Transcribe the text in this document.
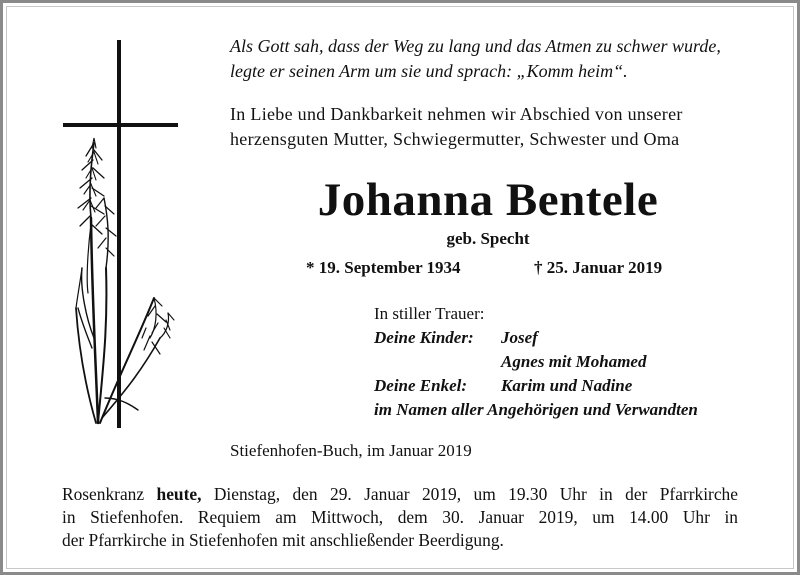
Als Gott sah, dass der Weg zu lang und das Atmen zu schwer wurde,
legte er seinen Arm um sie und sprach: „Komm heim“.
In Liebe und Dankbarkeit nehmen wir Abschied von unserer
herzensguten Mutter, Schwiegermutter, Schwester und Oma
Johanna Bentele
geb. Specht
* 19. September 1934	† 25. Januar 2019
In stiller Trauer:
Deine Kinder: Josef
Agnes mit Mohamed
Deine Enkel: Karim und Nadine
im Namen aller Angehörigen und Verwandten
Stiefenhofen-Buch, im Januar 2019
Rosenkranz heute, Dienstag, den 29. Januar 2019, um 19.30 Uhr in der Pfarrkirche
in Stiefenhofen. Requiem am Mittwoch, dem 30. Januar 2019, um 14.00 Uhr in
der Pfarrkirche in Stiefenhofen mit anschließender Beerdigung.
